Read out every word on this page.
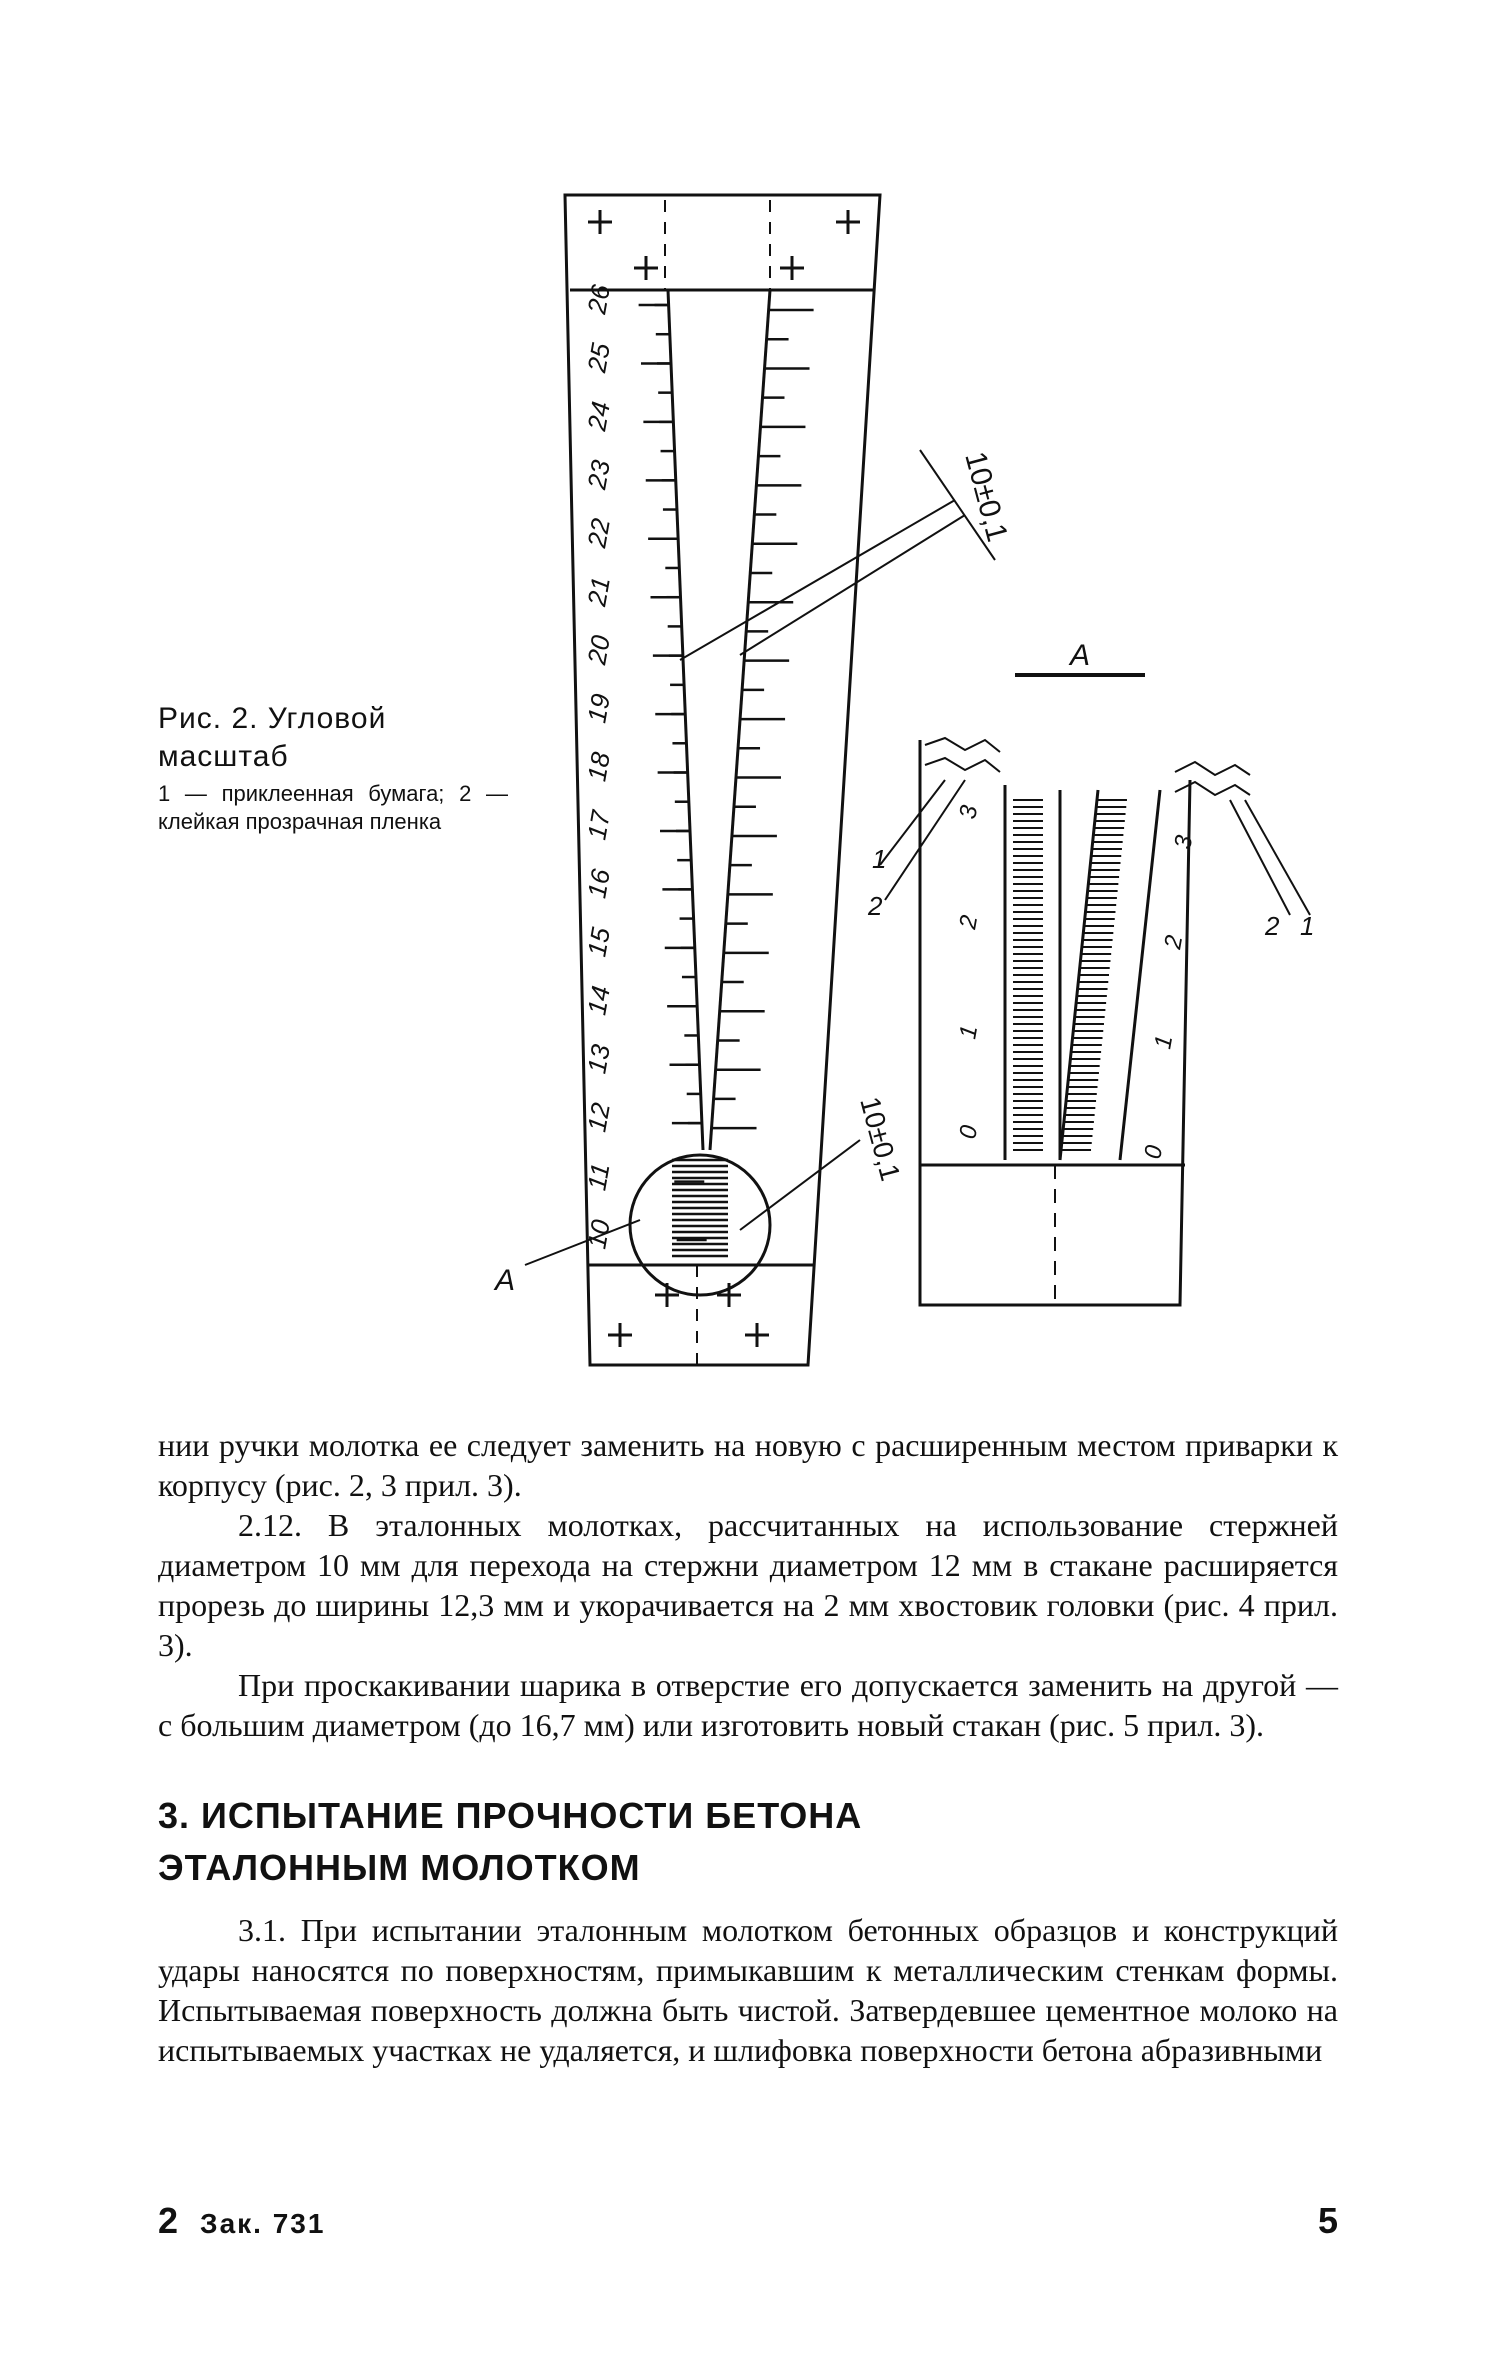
26
25
24
23
22
21
20
19
18
17
16
15
14
13
12
11
10
10±0,1
10±0,1
А
А
3
2
1
0
3
2
1
0
1
2
1
2
Рис. 2. Угловой
масштаб
1 — приклеенная бумага; 2 — клейкая прозрачная пленка

нии ручки молотка ее следует заменить на новую с расширенным местом приварки к корпусу (рис. 2, 3 прил. 3).

2.12. В эталонных молотках, рассчитанных на использование стержней диаметром 10 мм для перехода на стержни диаметром 12 мм в стакане расширяется прорезь до ширины 12,3 мм и укорачивается на 2 мм хвостовик головки (рис. 4 прил. 3).

При проскакивании шарика в отверстие его допускается заменить на другой — с большим диаметром (до 16,7 мм) или изготовить новый стакан (рис. 5 прил. 3).

3. ИСПЫТАНИЕ ПРОЧНОСТИ БЕТОНА
ЭТАЛОННЫМ МОЛОТКОМ

3.1. При испытании эталонным молотком бетонных образцов и конструкций удары наносятся по поверхностям, примыкавшим к металлическим стенкам формы. Испытываемая поверхность должна быть чистой. Затвердевшее цементное молоко на испытываемых участках не удаляется, и шлифовка поверхности бетона абразивными

2 Зак. 731	5
